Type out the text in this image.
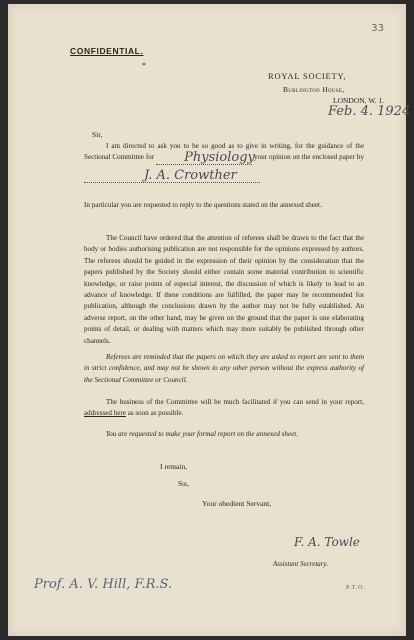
33
CONFIDENTIAL.
*
ROYAL SOCIETY,
Burlington House,
LONDON, W. 1.
Feb. 4. 1924
Sir,

I am directed to ask you to be so good as to give in writing, for the guidance of the Sectional Committee for	Physiology your opinion on the enclosed paper by
J. A. Crowther

In particular you are requested to reply to the questions stated on the annexed sheet.

The Council have ordered that the attention of referees shall be drawn to the fact that the body or bodies authorising publication are not responsible for the opinions expressed by authors. The referees should be guided in the expression of their opinion by the consideration that the papers published by the Society should either contain some material contribution to scientific knowledge, or raise points of especial interest, the discussion of which is likely to lead to an advance of knowledge. If these conditions are fulfilled, the paper may be recommended for publication, although the conclusions drawn by the author may not be fully established. An adverse report, on the other hand, may be given on the ground that the paper is one elaborating points of detail, or dealing with matters which may more suitably be published through other channels.

Referees are reminded that the papers on which they are asked to report are sent to them in strict confidence, and may not be shown to any other person without the express authority of the Sectional Committee or Council.

The business of the Committee will be much facilitated if you can send in your report, addressed here as soon as possible.

You are requested to make your formal report on the annexed sheet.

I remain,
Sir,
Your obedient Servant,
F. A. Towle
Assistant Secretary.
Prof. A. V. Hill, F.R.S.	P.T.O.
